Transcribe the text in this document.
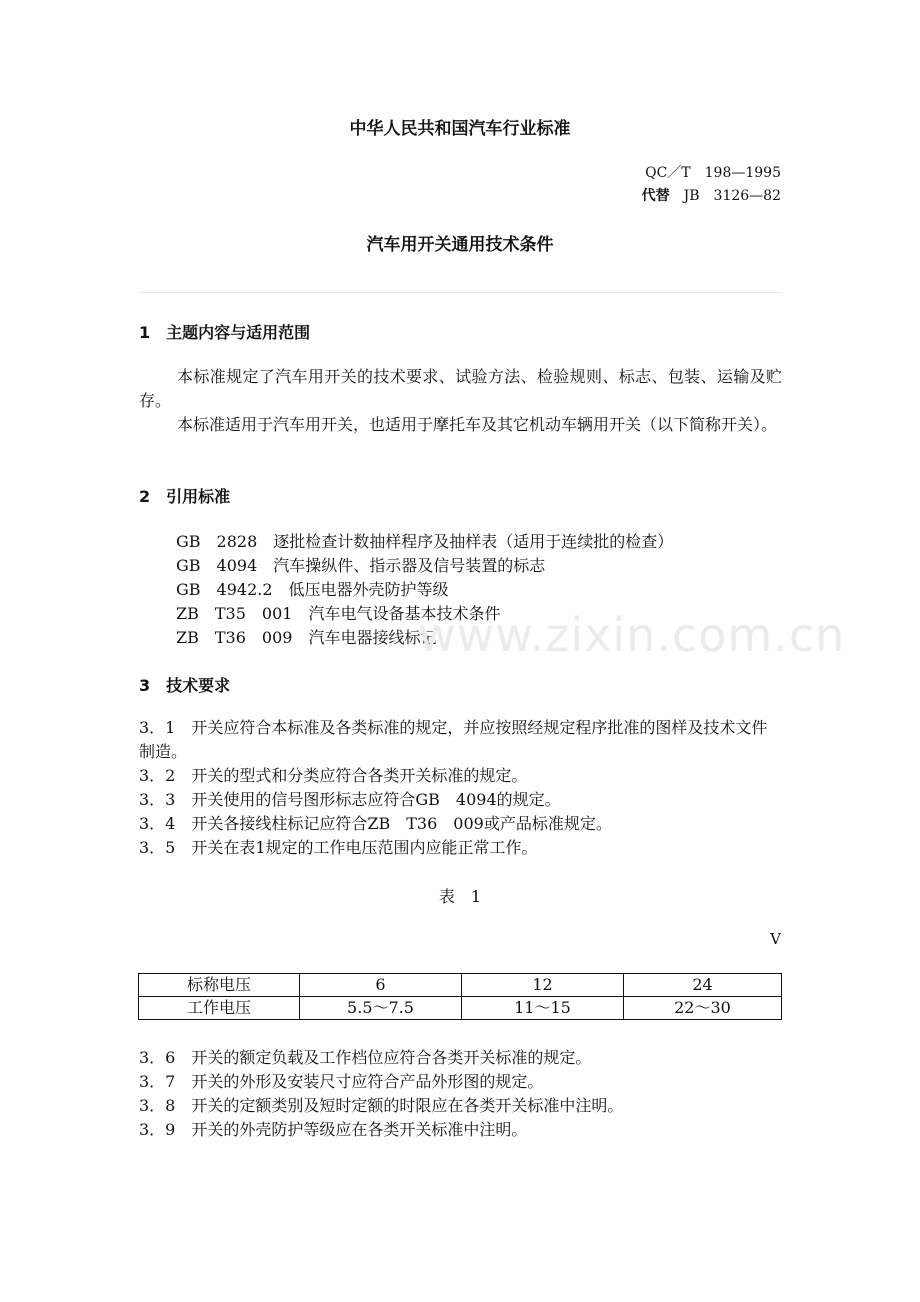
中华人民共和国汽车行业标准
QC／T　198—1995
代替　 JB　3126—82
汽车用开关通用技术条件
1　主题内容与适用范围
本标准规定了汽车用开关的技术要求、试验方法、检验规则、标志、包装、运输及贮存。
本标准适用于汽车用开关，也适用于摩托车及其它机动车辆用开关（以下简称开关）。
2　引用标准
GB　2828　逐批检查计数抽样程序及抽样表（适用于连续批的检查）
GB　4094　汽车操纵件、指示器及信号装置的标志
GB　4942.2　低压电器外壳防护等级
ZB　T35　001　汽车电气设备基本技术条件
ZB　T36　009　汽车电器接线标记
www.zixin.com.cn
3　技术要求
3．1　开关应符合本标准及各类标准的规定，并应按照经规定程序批准的图样及技术文件制造。
3．2　开关的型式和分类应符合各类开关标准的规定。
3．3　开关使用的信号图形标志应符合GB　4094的规定。
3．4　开关各接线柱标记应符合ZB　T36　009或产品标准规定。
3．5　开关在表1规定的工作电压范围内应能正常工作。
表　1
V
标称电压	6	12	24
工作电压	5.5～7.5	11～15	22～30
3．6　开关的额定负载及工作档位应符合各类开关标准的规定。
3．7　开关的外形及安装尺寸应符合产品外形图的规定。
3．8　开关的定额类别及短时定额的时限应在各类开关标准中注明。
3．9　开关的外壳防护等级应在各类开关标准中注明。
